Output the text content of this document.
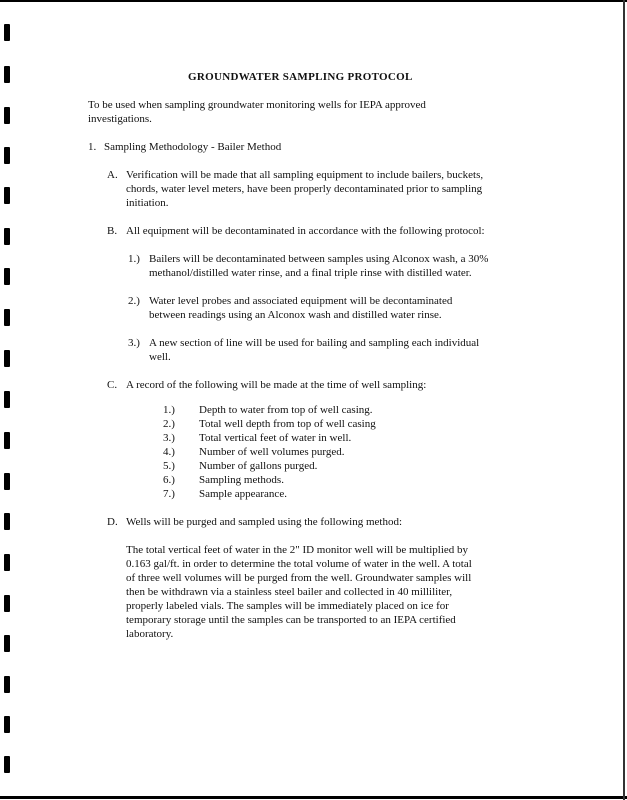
GROUNDWATER SAMPLING PROTOCOL
To be used when sampling groundwater monitoring wells for IEPA approved
investigations.
1. Sampling Methodology - Bailer Method
A. Verification will be made that all sampling equipment to include bailers, buckets,
chords, water level meters, have been properly decontaminated prior to sampling
initiation.
B. All equipment will be decontaminated in accordance with the following protocol:
1.) Bailers will be decontaminated between samples using Alconox wash, a 30%
methanol/distilled water rinse, and a final triple rinse with distilled water.
2.) Water level probes and associated equipment will be decontaminated
between readings using an Alconox wash and distilled water rinse.
3.) A new section of line will be used for bailing and sampling each individual
well.
C. A record of the following will be made at the time of well sampling:
1.) Depth to water from top of well casing.
2.) Total well depth from top of well casing
3.) Total vertical feet of water in well.
4.) Number of well volumes purged.
5.) Number of gallons purged.
6.) Sampling methods.
7.) Sample appearance.
D. Wells will be purged and sampled using the following method:
The total vertical feet of water in the 2" ID monitor well will be multiplied by
0.163 gal/ft. in order to determine the total volume of water in the well. A total
of three well volumes will be purged from the well. Groundwater samples will
then be withdrawn via a stainless steel bailer and collected in 40 milliliter,
properly labeled vials. The samples will be immediately placed on ice for
temporary storage until the samples can be transported to an IEPA certified
laboratory.
